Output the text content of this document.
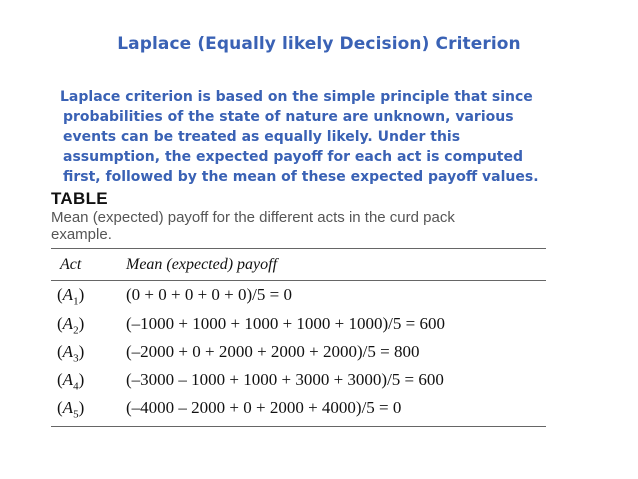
Laplace (Equally likely Decision) Criterion
Laplace criterion is based on the simple principle that since
probabilities of the state of nature are unknown, various
events can be treated as equally likely. Under this
assumption, the expected payoff for each act is computed
first, followed by the mean of these expected payoff values.
TABLE
Mean (expected) payoff for the different acts in the curd pack
example.
Act	Mean (expected) payoff
$(A_1) (0 + 0 + 0 + 0 + 0)/5 = 0$
$(A_2) (-1000 + 1000 + 1000 + 1000 + 1000)/5 = 600$
$(A_3) (-2000 + 0 + 2000 + 2000 + 2000)/5 = 800$
$(A_4)$ (–3000 – 1000 + 1000 + 3000 + 3000)/5 = 600
$(A_5)$ (–4000 – 2000 + 0 + 2000 + 4000)/5 = 0
